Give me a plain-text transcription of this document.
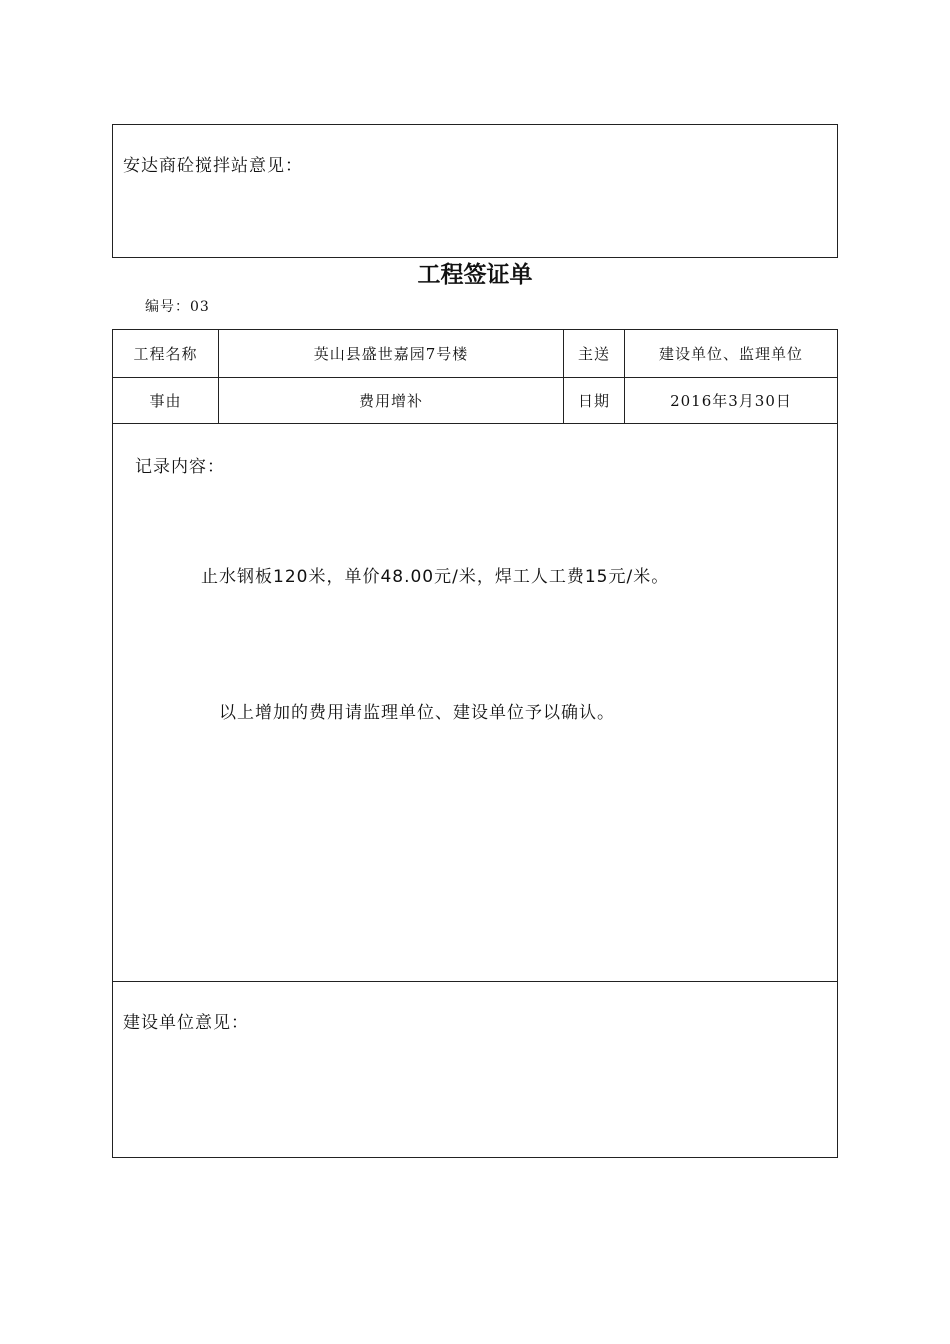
安达商砼搅拌站意见：
工程签证单
编号：03
工程名称	英山县盛世嘉园7号楼	主送	建设单位、监理单位
事由	费用增补	日期	2016年3月30日
记录内容：
止水钢板120米，单价48.00元/米，焊工人工费15元/米。
以上增加的费用请监理单位、建设单位予以确认。
建设单位意见：
